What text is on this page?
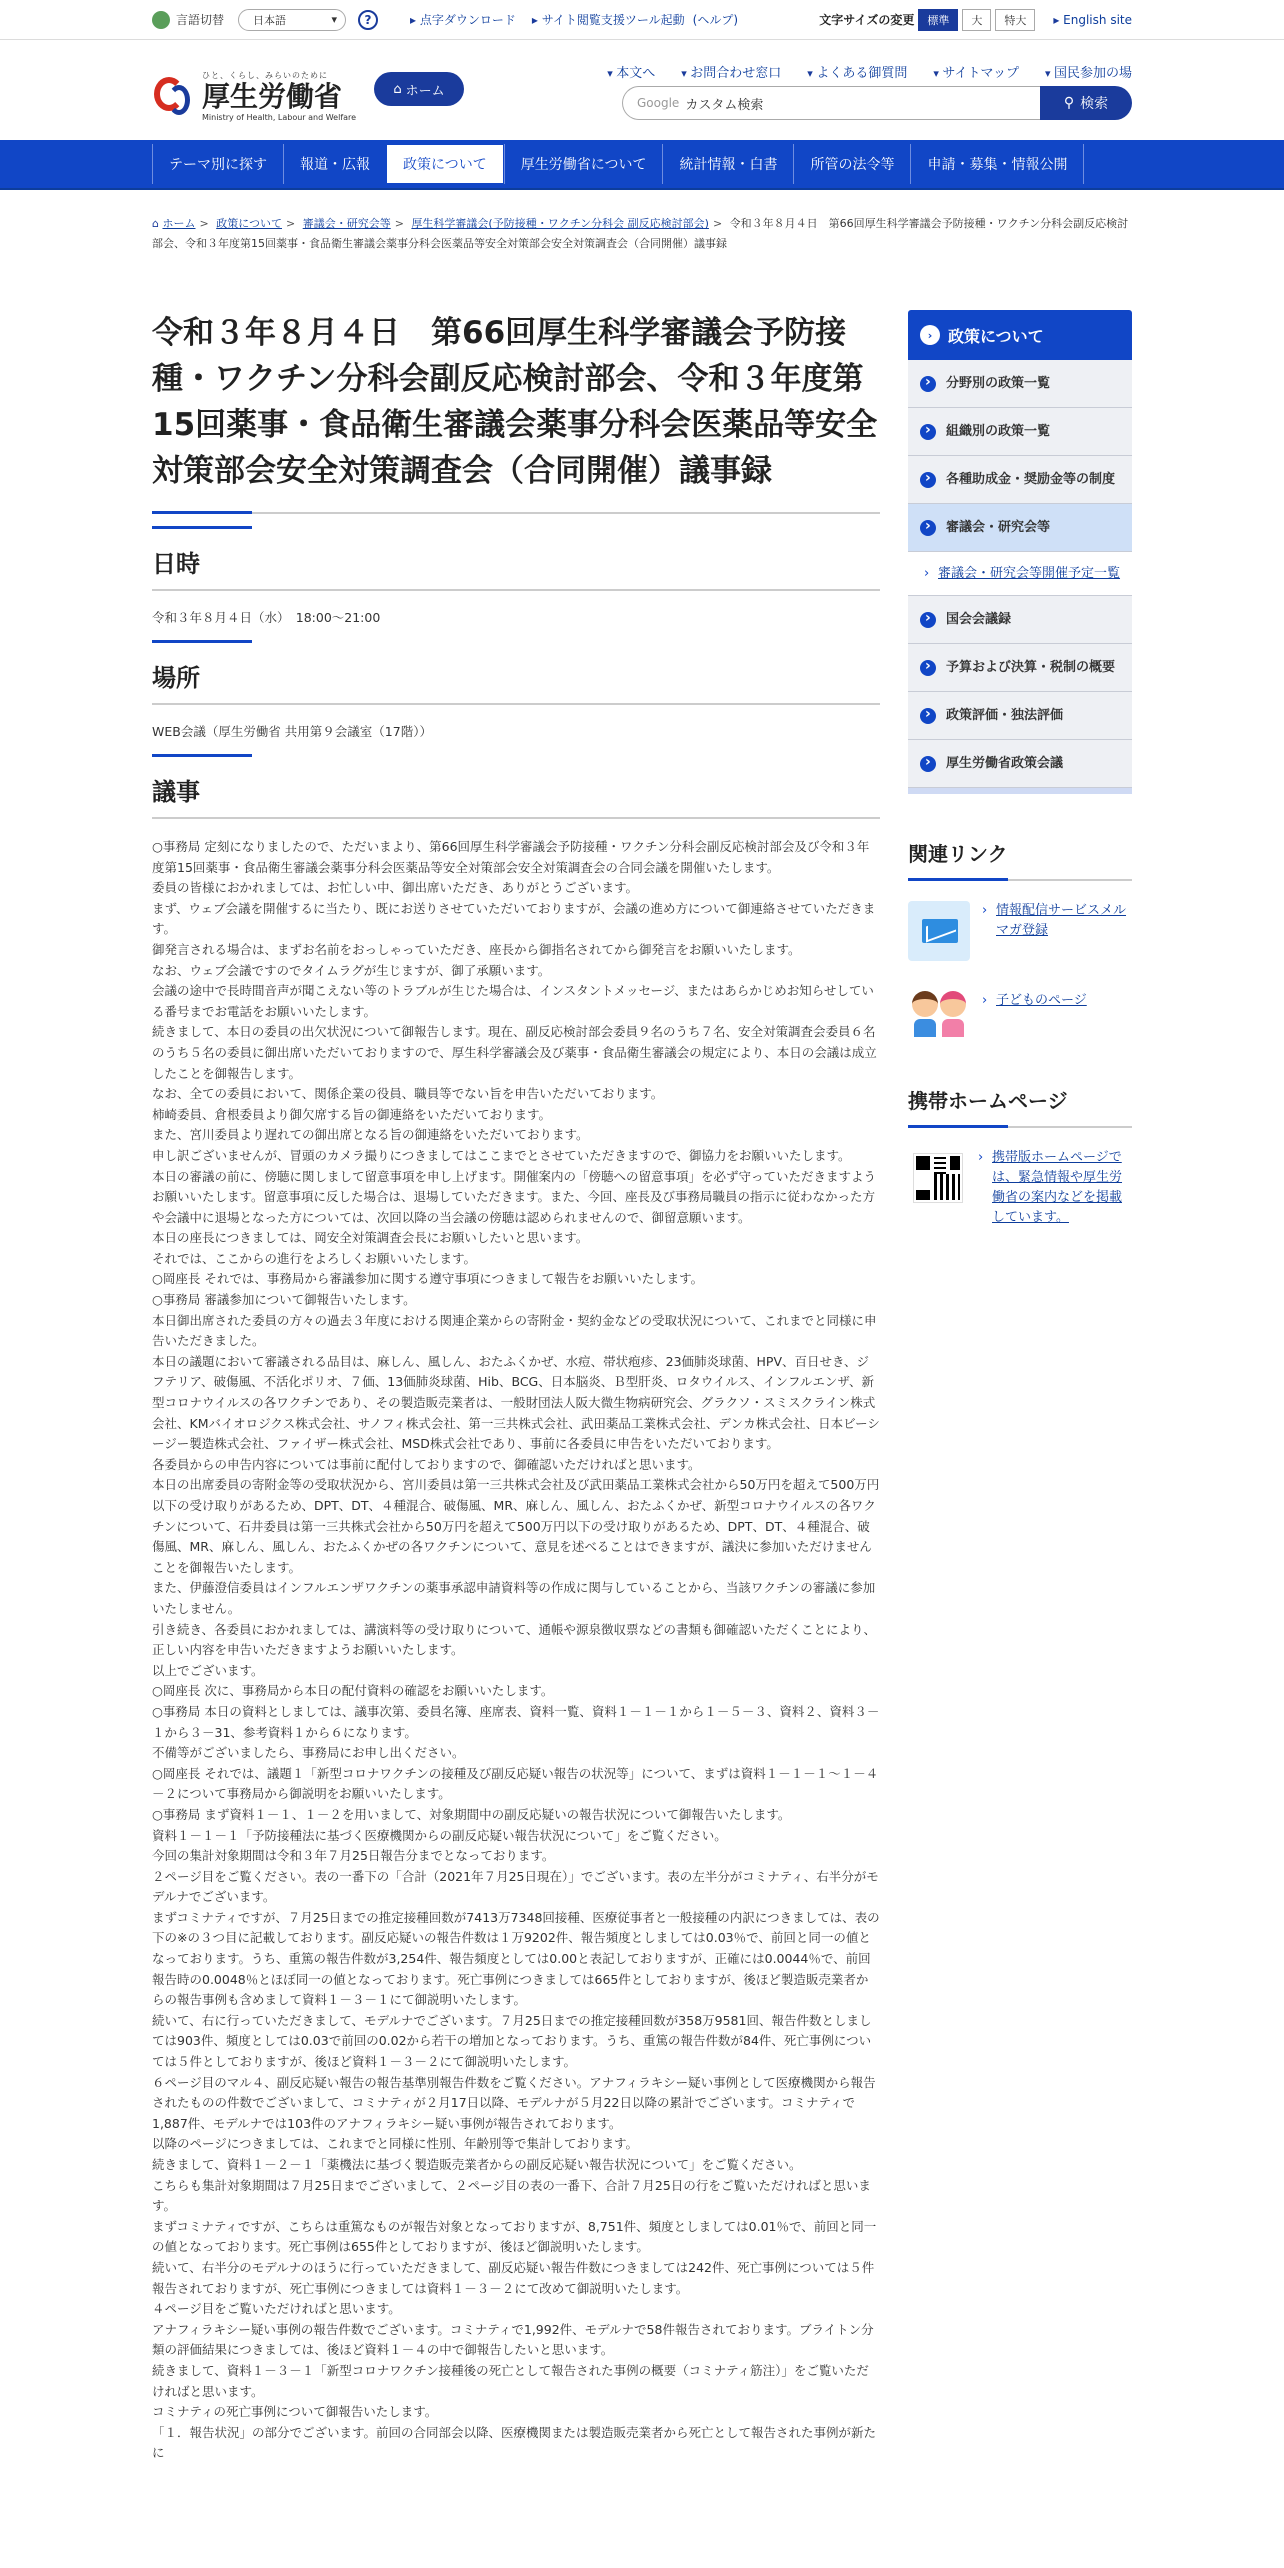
言語切替	日本語	▾	?	▸ 点字ダウンロード	▸ サイト閲覧支援ツール起動 (ヘルプ)	文字サイズの変更	標準	大	特大	▸ English site
ひと、くらし、みらいのために
厚生労働省
Ministry of Health, Labour and Welfare
⌂ ホーム
▾ 本文へ	▾ お問合わせ窓口	▾ よくある御質問	▾ サイトマップ	▾ 国民参加の場
Google カスタム検索	⚲ 検索
テーマ別に探す	報道・広報	政策について	厚生労働省について	統計情報・白書	所管の法令等	申請・募集・情報公開
⌂ ホーム > 政策について > 審議会・研究会等 > 厚生科学審議会(予防接種・ワクチン分科会 副反応検討部会) > 令和３年８月４日　第66回厚生科学審議会予防接種・ワクチン分科会副反応検討部会、令和３年度第15回薬事・食品衛生審議会薬事分科会医薬品等安全対策部会安全対策調査会（合同開催）議事録
令和３年８月４日　第66回厚生科学審議会予防接種・ワクチン分科会副反応検討部会、令和３年度第15回薬事・食品衛生審議会薬事分科会医薬品等安全対策部会安全対策調査会（合同開催）議事録
日時

令和３年８月４日（水）　18:00～21:00

場所

WEB会議（厚生労働省 共用第９会議室（17階））

議事
○事務局 定刻になりましたので、ただいまより、第66回厚生科学審議会予防接種・ワクチン分科会副反応検討部会及び令和３年度第15回薬事・食品衛生審議会薬事分科会医薬品等安全対策部会安全対策調査会の合同会議を開催いたします。
委員の皆様におかれましては、お忙しい中、御出席いただき、ありがとうございます。
まず、ウェブ会議を開催するに当たり、既にお送りさせていただいておりますが、会議の進め方について御連絡させていただきます。
御発言される場合は、まずお名前をおっしゃっていただき、座長から御指名されてから御発言をお願いいたします。
なお、ウェブ会議ですのでタイムラグが生じますが、御了承願います。
会議の途中で長時間音声が聞こえない等のトラブルが生じた場合は、インスタントメッセージ、またはあらかじめお知らせしている番号までお電話をお願いいたします。
続きまして、本日の委員の出欠状況について御報告します。現在、副反応検討部会委員９名のうち７名、安全対策調査会委員６名のうち５名の委員に御出席いただいておりますので、厚生科学審議会及び薬事・食品衛生審議会の規定により、本日の会議は成立したことを御報告します。
なお、全ての委員において、関係企業の役員、職員等でない旨を申告いただいております。
柿崎委員、倉根委員より御欠席する旨の御連絡をいただいております。
また、宮川委員より遅れての御出席となる旨の御連絡をいただいております。
申し訳ございませんが、冒頭のカメラ撮りにつきましてはここまでとさせていただきますので、御協力をお願いいたします。
本日の審議の前に、傍聴に関しまして留意事項を申し上げます。開催案内の「傍聴への留意事項」を必ず守っていただきますようお願いいたします。留意事項に反した場合は、退場していただきます。また、今回、座長及び事務局職員の指示に従わなかった方や会議中に退場となった方については、次回以降の当会議の傍聴は認められませんので、御留意願います。
本日の座長につきましては、岡安全対策調査会長にお願いしたいと思います。
それでは、ここからの進行をよろしくお願いいたします。
○岡座長 それでは、事務局から審議参加に関する遵守事項につきまして報告をお願いいたします。
○事務局 審議参加について御報告いたします。
本日御出席された委員の方々の過去３年度における関連企業からの寄附金・契約金などの受取状況について、これまでと同様に申告いただきました。
本日の議題において審議される品目は、麻しん、風しん、おたふくかぜ、水痘、帯状疱疹、23価肺炎球菌、HPV、百日せき、ジフテリア、破傷風、不活化ポリオ、７価、13価肺炎球菌、Hib、BCG、日本脳炎、Ｂ型肝炎、ロタウイルス、インフルエンザ、新型コロナウイルスの各ワクチンであり、その製造販売業者は、一般財団法人阪大微生物病研究会、グラクソ・スミスクライン株式会社、KMバイオロジクス株式会社、サノフィ株式会社、第一三共株式会社、武田薬品工業株式会社、デンカ株式会社、日本ビーシージー製造株式会社、ファイザー株式会社、MSD株式会社であり、事前に各委員に申告をいただいております。
各委員からの申告内容については事前に配付しておりますので、御確認いただければと思います。
本日の出席委員の寄附金等の受取状況から、宮川委員は第一三共株式会社及び武田薬品工業株式会社から50万円を超えて500万円以下の受け取りがあるため、DPT、DT、４種混合、破傷風、MR、麻しん、風しん、おたふくかぜ、新型コロナウイルスの各ワクチンについて、石井委員は第一三共株式会社から50万円を超えて500万円以下の受け取りがあるため、DPT、DT、４種混合、破傷風、MR、麻しん、風しん、おたふくかぜの各ワクチンについて、意見を述べることはできますが、議決に参加いただけませんことを御報告いたします。
また、伊藤澄信委員はインフルエンザワクチンの薬事承認申請資料等の作成に関与していることから、当該ワクチンの審議に参加いたしません。
引き続き、各委員におかれましては、講演料等の受け取りについて、通帳や源泉徴収票などの書類も御確認いただくことにより、正しい内容を申告いただきますようお願いいたします。
以上でございます。
○岡座長 次に、事務局から本日の配付資料の確認をお願いいたします。
○事務局 本日の資料としましては、議事次第、委員名簿、座席表、資料一覧、資料１－１－１から１－５－３、資料２、資料３－１から３－31、参考資料１から６になります。
不備等がございましたら、事務局にお申し出ください。
○岡座長 それでは、議題１「新型コロナワクチンの接種及び副反応疑い報告の状況等」について、まずは資料１－１－１～１－４－２について事務局から御説明をお願いいたします。
○事務局 まず資料１－１、１－２を用いまして、対象期間中の副反応疑いの報告状況について御報告いたします。
資料１－１－１「予防接種法に基づく医療機関からの副反応疑い報告状況について」をご覧ください。
今回の集計対象期間は令和３年７月25日報告分までとなっております。
２ページ目をご覧ください。表の一番下の「合計（2021年７月25日現在）」でございます。表の左半分がコミナティ、右半分がモデルナでございます。
まずコミナティですが、７月25日までの推定接種回数が7413万7348回接種、医療従事者と一般接種の内訳につきましては、表の下の※の３つ目に記載しております。副反応疑いの報告件数は１万9202件、報告頻度としましては0.03％で、前回と同一の値となっております。うち、重篤の報告件数が3,254件、報告頻度としては0.00と表記しておりますが、正確には0.0044％で、前回報告時の0.0048％とほぼ同一の値となっております。死亡事例につきましては665件としておりますが、後ほど製造販売業者からの報告事例も含めまして資料１－３－１にて御説明いたします。
続いて、右に行っていただきまして、モデルナでございます。７月25日までの推定接種回数が358万9581回、報告件数としましては903件、頻度としては0.03で前回の0.02から若干の増加となっております。うち、重篤の報告件数が84件、死亡事例については５件としておりますが、後ほど資料１－３－２にて御説明いたします。
６ページ目のマル４、副反応疑い報告の報告基準別報告件数をご覧ください。アナフィラキシー疑い事例として医療機関から報告されたものの件数でございまして、コミナティが２月17日以降、モデルナが５月22日以降の累計でございます。コミナティで1,887件、モデルナでは103件のアナフィラキシー疑い事例が報告されております。
以降のページにつきましては、これまでと同様に性別、年齢別等で集計しております。
続きまして、資料１－２－１「薬機法に基づく製造販売業者からの副反応疑い報告状況について」をご覧ください。
こちらも集計対象期間は７月25日までございまして、２ページ目の表の一番下、合計７月25日の行をご覧いただければと思います。
まずコミナティですが、こちらは重篤なものが報告対象となっておりますが、8,751件、頻度としましては0.01％で、前回と同一の値となっております。死亡事例は655件としておりますが、後ほど御説明いたします。
続いて、右半分のモデルナのほうに行っていただきまして、副反応疑い報告件数につきましては242件、死亡事例については５件報告されておりますが、死亡事例につきましては資料１－３－２にて改めて御説明いたします。
４ページ目をご覧いただければと思います。
アナフィラキシー疑い事例の報告件数でございます。コミナティで1,992件、モデルナで58件報告されております。ブライトン分類の評価結果につきましては、後ほど資料１－４の中で御報告したいと思います。
続きまして、資料１－３－１「新型コロナワクチン接種後の死亡として報告された事例の概要（コミナティ筋注）」をご覧いただければと思います。
コミナティの死亡事例について御報告いたします。
「１．報告状況」の部分でございます。前回の合同部会以降、医療機関または製造販売業者から死亡として報告された事例が新たに
› 政策について
分野別の政策一覧 ›
組織別の政策一覧 ›
各種助成金・奨励金等の制度 ›
審議会・研究会等 ›
› 審議会・研究会等開催予定一覧
国会会議録 ›
予算および決算・税制の概要 ›
政策評価・独法評価 ›
厚生労働省政策会議 ›
関連リンク
› 情報配信サービスメルマガ登録
› 子どものページ
携帯ホームページ
› 携帯版ホームページでは、緊急情報や厚生労働省の案内などを掲載しています。
